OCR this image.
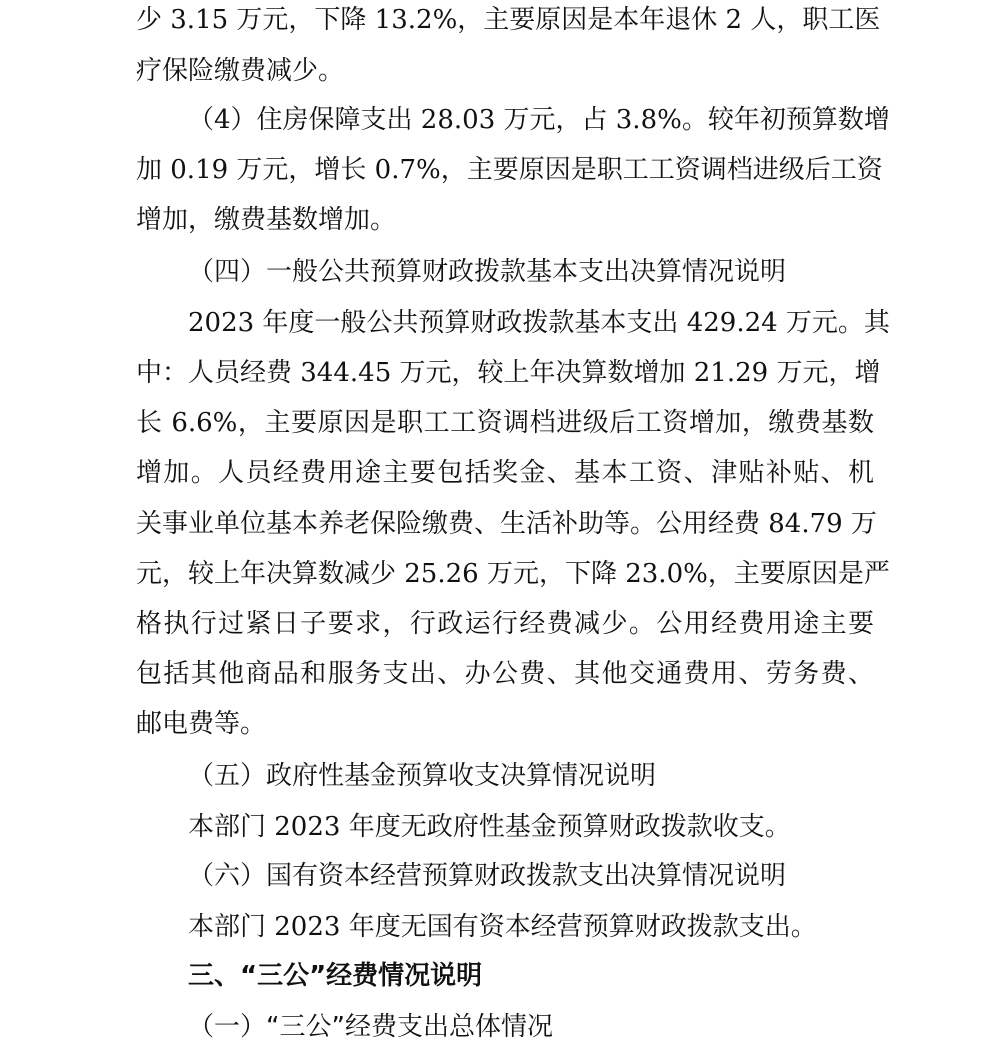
少 3.15 万元，下降 13.2%，主要原因是本年退休 2 人，职工医
疗保险缴费减少。
（4）住房保障支出 28.03 万元，占 3.8%。较年初预算数增
加 0.19 万元，增长 0.7%，主要原因是职工工资调档进级后工资
增加，缴费基数增加。
（四）一般公共预算财政拨款基本支出决算情况说明
2023 年度一般公共预算财政拨款基本支出 429.24 万元。其
中：人员经费 344.45 万元，较上年决算数增加 21.29 万元，增
长 6.6%，主要原因是职工工资调档进级后工资增加，缴费基数
增加。人员经费用途主要包括奖金、基本工资、津贴补贴、机
关事业单位基本养老保险缴费、生活补助等。公用经费 84.79 万
元，较上年决算数减少 25.26 万元，下降 23.0%，主要原因是严
格执行过紧日子要求，行政运行经费减少。公用经费用途主要
包括其他商品和服务支出、办公费、其他交通费用、劳务费、
邮电费等。
（五）政府性基金预算收支决算情况说明
本部门 2023 年度无政府性基金预算财政拨款收支。
（六）国有资本经营预算财政拨款支出决算情况说明
本部门 2023 年度无国有资本经营预算财政拨款支出。
三、“三公”经费情况说明
（一）“三公”经费支出总体情况
